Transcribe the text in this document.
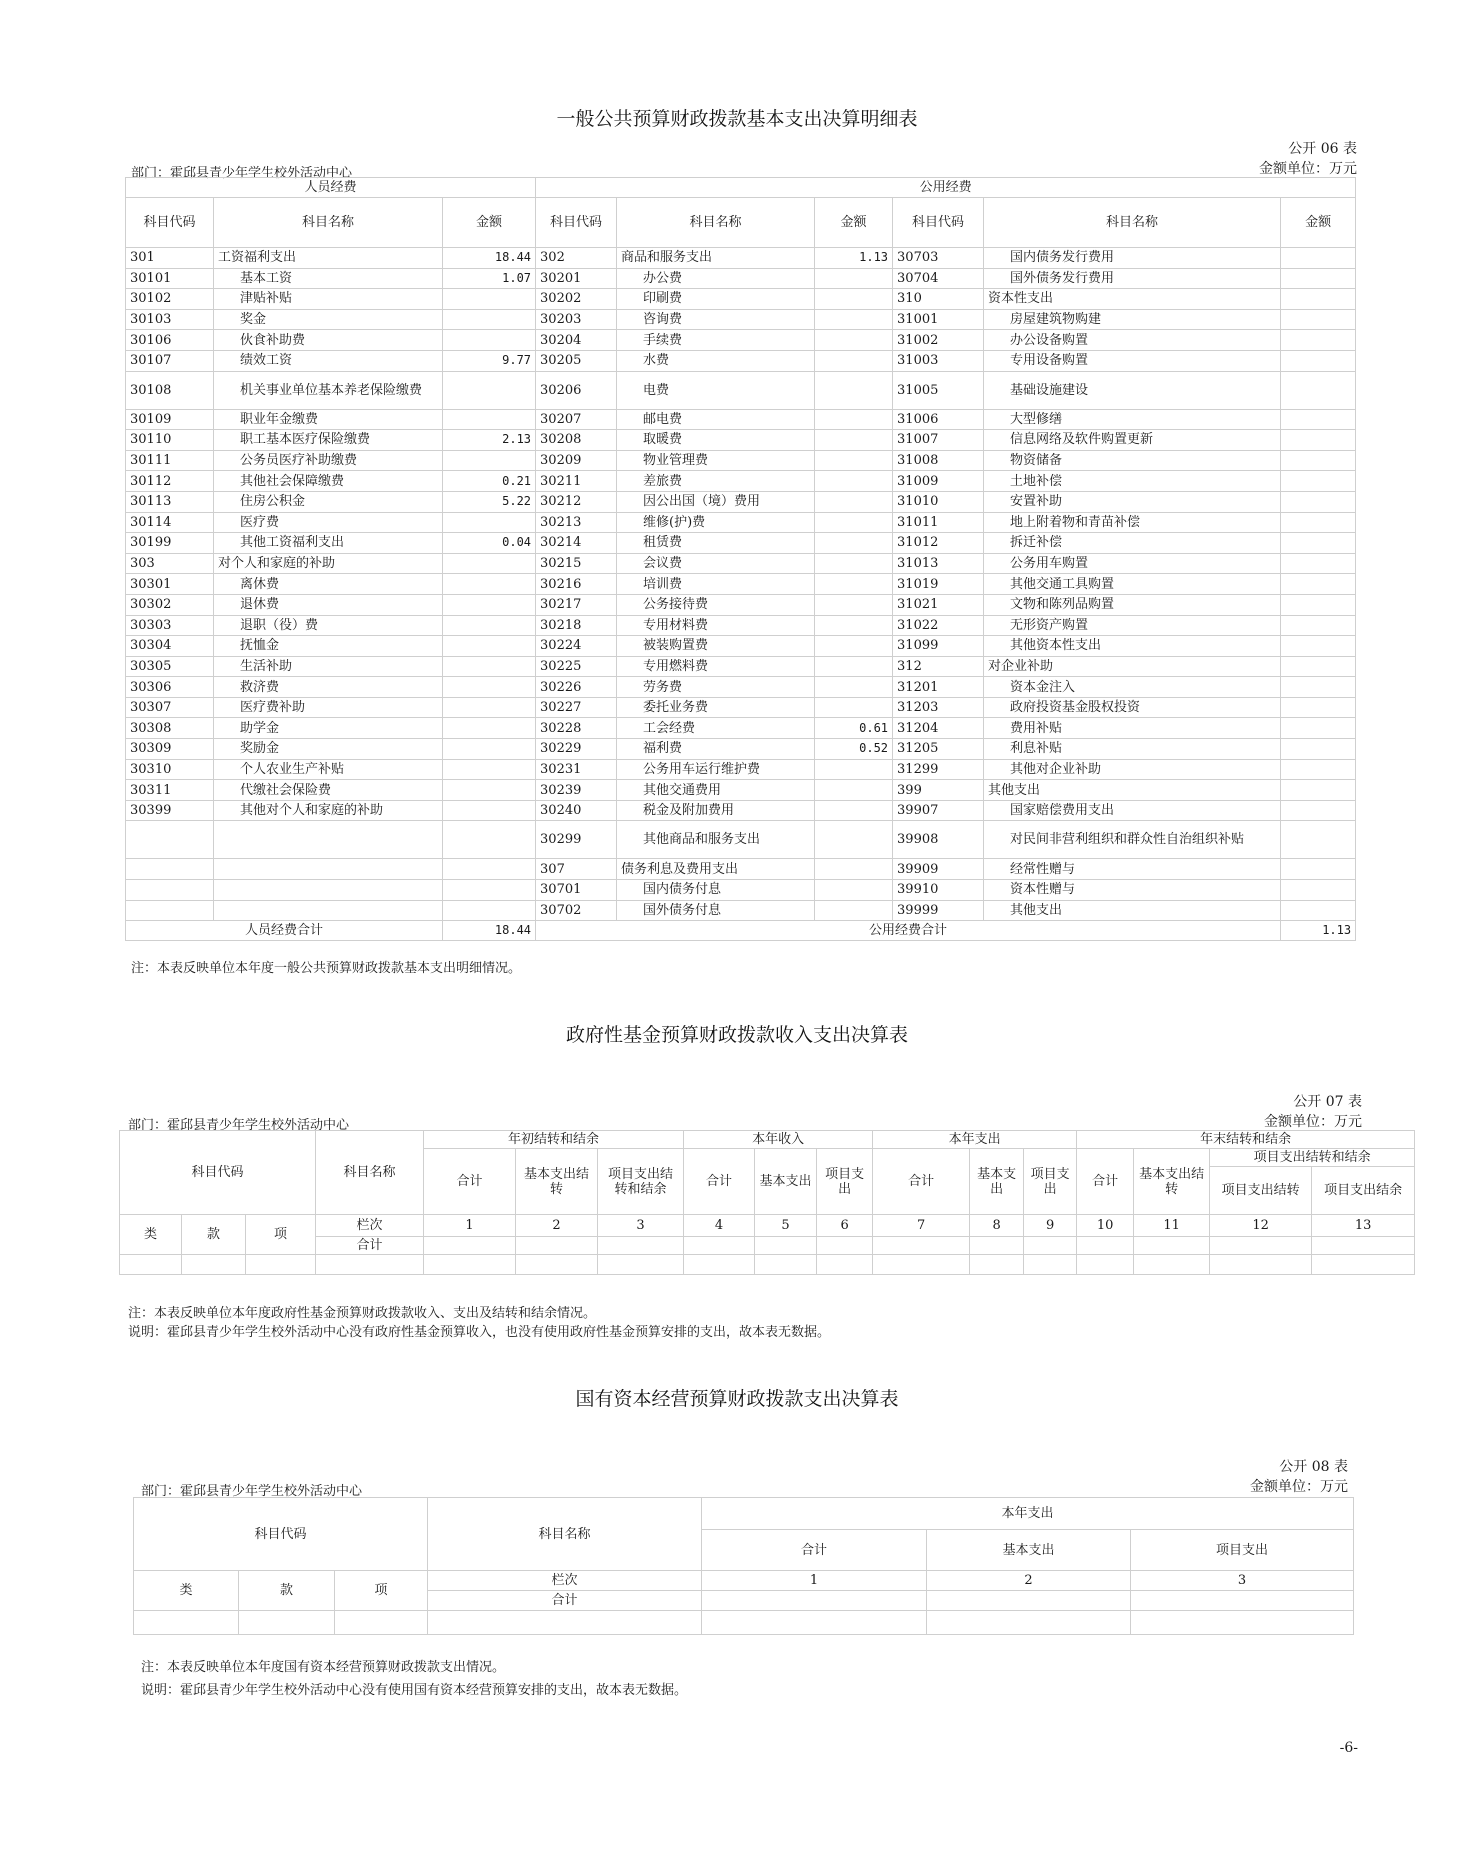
一般公共预算财政拨款基本支出决算明细表
公开 06 表
部门：霍邱县青少年学生校外活动中心	金额单位：万元
人员经费			公用经费					
科目代码	科目名称	金额	科目代码	科目名称	金额	科目代码	科目名称	金额
301	工资福利支出	18.44	302	商品和服务支出	1.13	30703	国内债务发行费用	
30101	基本工资	1.07	30201	办公费		30704	国外债务发行费用	
30102	津贴补贴		30202	印刷费		310	资本性支出	
30103	奖金		30203	咨询费		31001	房屋建筑物购建	
30106	伙食补助费		30204	手续费		31002	办公设备购置	
30107	绩效工资	9.77	30205	水费		31003	专用设备购置	
30108	机关事业单位基本养老保险缴费		30206	电费		31005	基础设施建设	
30109	职业年金缴费		30207	邮电费		31006	大型修缮	
30110	职工基本医疗保险缴费	2.13	30208	取暖费		31007	信息网络及软件购置更新	
30111	公务员医疗补助缴费		30209	物业管理费		31008	物资储备	
30112	其他社会保障缴费	0.21	30211	差旅费		31009	土地补偿	
30113	住房公积金	5.22	30212	因公出国（境）费用		31010	安置补助	
30114	医疗费		30213	维修(护)费		31011	地上附着物和青苗补偿	
30199	其他工资福利支出	0.04	30214	租赁费		31012	拆迁补偿	
303	对个人和家庭的补助		30215	会议费		31013	公务用车购置	
30301	离休费		30216	培训费		31019	其他交通工具购置	
30302	退休费		30217	公务接待费		31021	文物和陈列品购置	
30303	退职（役）费		30218	专用材料费		31022	无形资产购置	
30304	抚恤金		30224	被装购置费		31099	其他资本性支出	
30305	生活补助		30225	专用燃料费		312	对企业补助	
30306	救济费		30226	劳务费		31201	资本金注入	
30307	医疗费补助		30227	委托业务费		31203	政府投资基金股权投资	
30308	助学金		30228	工会经费	0.61	31204	费用补贴	
30309	奖励金		30229	福利费	0.52	31205	利息补贴	
30310	个人农业生产补贴		30231	公务用车运行维护费		31299	其他对企业补助	
30311	代缴社会保险费		30239	其他交通费用		399	其他支出	
30399	其他对个人和家庭的补助		30240	税金及附加费用		39907	国家赔偿费用支出	
			30299	其他商品和服务支出		39908	对民间非营利组织和群众性自治组织补贴	
			307	债务利息及费用支出		39909	经常性赠与	
			30701	国内债务付息		39910	资本性赠与	
			30702	国外债务付息		39999	其他支出	
人员经费合计		18.44	公用经费合计					1.13
注：本表反映单位本年度一般公共预算财政拨款基本支出明细情况。
政府性基金预算财政拨款收入支出决算表
公开 07 表
部门：霍邱县青少年学生校外活动中心	金额单位：万元
科目代码			科目名称	年初结转和结余			本年收入			本年支出			年末结转和结余			
				合计	基本支出结转	项目支出结转和结余	合计	基本支出	项目支出	合计	基本支出	项目支出	合计	基本支出结转	项目支出结转和结余	
															项目支出结转	项目支出结余
类	款	项	栏次	1	2	3	4	5	6	7	8	9	10	11	12	13
			合计													

注：本表反映单位本年度政府性基金预算财政拨款收入、支出及结转和结余情况。
说明：霍邱县青少年学生校外活动中心没有政府性基金预算收入，也没有使用政府性基金预算安排的支出，故本表无数据。
国有资本经营预算财政拨款支出决算表
公开 08 表
部门：霍邱县青少年学生校外活动中心	金额单位：万元
科目代码			科目名称	本年支出		
				合计	基本支出	项目支出
类	款	项	栏次	1	2	3
			合计			

注：本表反映单位本年度国有资本经营预算财政拨款支出情况。
说明：霍邱县青少年学生校外活动中心没有使用国有资本经营预算安排的支出，故本表无数据。
-6-
